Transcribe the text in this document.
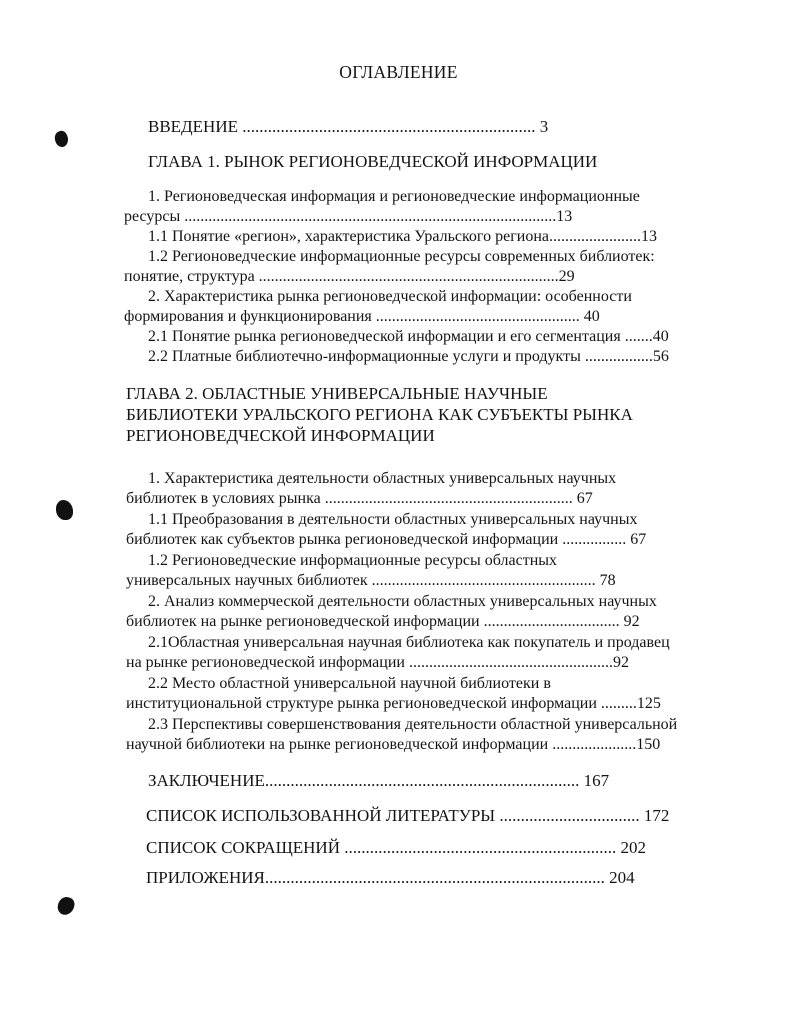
ОГЛАВЛЕНИЕ
ВВЕДЕНИЕ ..................................................................... 3
ГЛАВА 1. РЫНОК РЕГИОНОВЕДЧЕСКОЙ ИНФОРМАЦИИ
1. Регионоведческая информация и регионоведческие информационные
ресурсы .............................................................................................13
1.1 Понятие «регион», характеристика Уральского региона.......................13
1.2 Регионоведческие информационные ресурсы современных библиотек:
понятие, структура ...........................................................................29
2. Характеристика рынка регионоведческой информации: особенности
формирования и функционирования ................................................... 40
2.1 Понятие рынка регионоведческой информации и его сегментация .......40
2.2 Платные библиотечно-информационные услуги и продукты .................56
ГЛАВА 2. ОБЛАСТНЫЕ УНИВЕРСАЛЬНЫЕ НАУЧНЫЕ
БИБЛИОТЕКИ УРАЛЬСКОГО РЕГИОНА КАК СУБЪЕКТЫ РЫНКА
РЕГИОНОВЕДЧЕСКОЙ ИНФОРМАЦИИ
1. Характеристика деятельности областных универсальных научных
библиотек в условиях рынка .............................................................. 67
1.1 Преобразования в деятельности областных универсальных научных
библиотек как субъектов рынка регионоведческой информации ................ 67
1.2 Регионоведческие информационные ресурсы областных
универсальных научных библиотек ........................................................ 78
2. Анализ коммерческой деятельности областных универсальных научных
библиотек на рынке регионоведческой информации .................................. 92
2.1Областная универсальная научная библиотека как покупатель и продавец
на рынке регионоведческой информации ...................................................92
2.2 Место областной универсальной научной библиотеки в
институциональной структуре рынка регионоведческой информации .........125
2.3 Перспективы совершенствования деятельности областной универсальной
научной библиотеки на рынке регионоведческой информации .....................150
ЗАКЛЮЧЕНИЕ.......................................................................... 167
СПИСОК ИСПОЛЬЗОВАННОЙ ЛИТЕРАТУРЫ ................................. 172
СПИСОК СОКРАЩЕНИЙ ................................................................ 202
ПРИЛОЖЕНИЯ................................................................................ 204
